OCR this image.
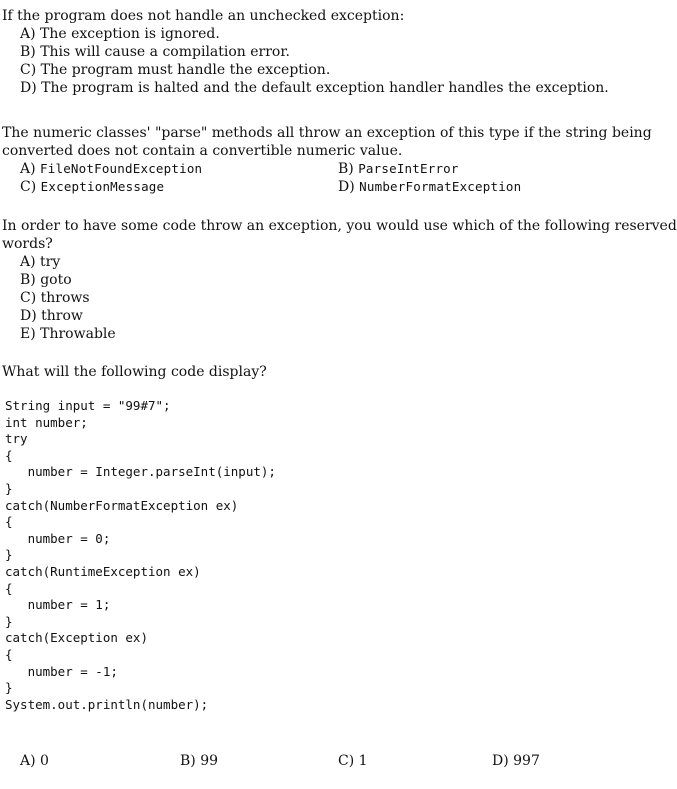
If the program does not handle an unchecked exception:
A) The exception is ignored.
B) This will cause a compilation error.
C) The program must handle the exception.
D) The program is halted and the default exception handler handles the exception.
The numeric classes' "parse" methods all throw an exception of this type if the string being
converted does not contain a convertible numeric value.
A) FileNotFoundException	B) ParseIntError
C) ExceptionMessage	D) NumberFormatException
In order to have some code throw an exception, you would use which of the following reserved
words?
A) try
B) goto
C) throws
D) throw
E) Throwable
What will the following code display?
String input = "99#7";
int number;
try
{
number = Integer.parseInt(input);
}
catch(NumberFormatException ex)
{
number = 0;
}
catch(RuntimeException ex)
{
number = 1;
}
catch(Exception ex)
{
number = -1;
}
System.out.println(number);
A) 0	B) 99	C) 1	D) 997
